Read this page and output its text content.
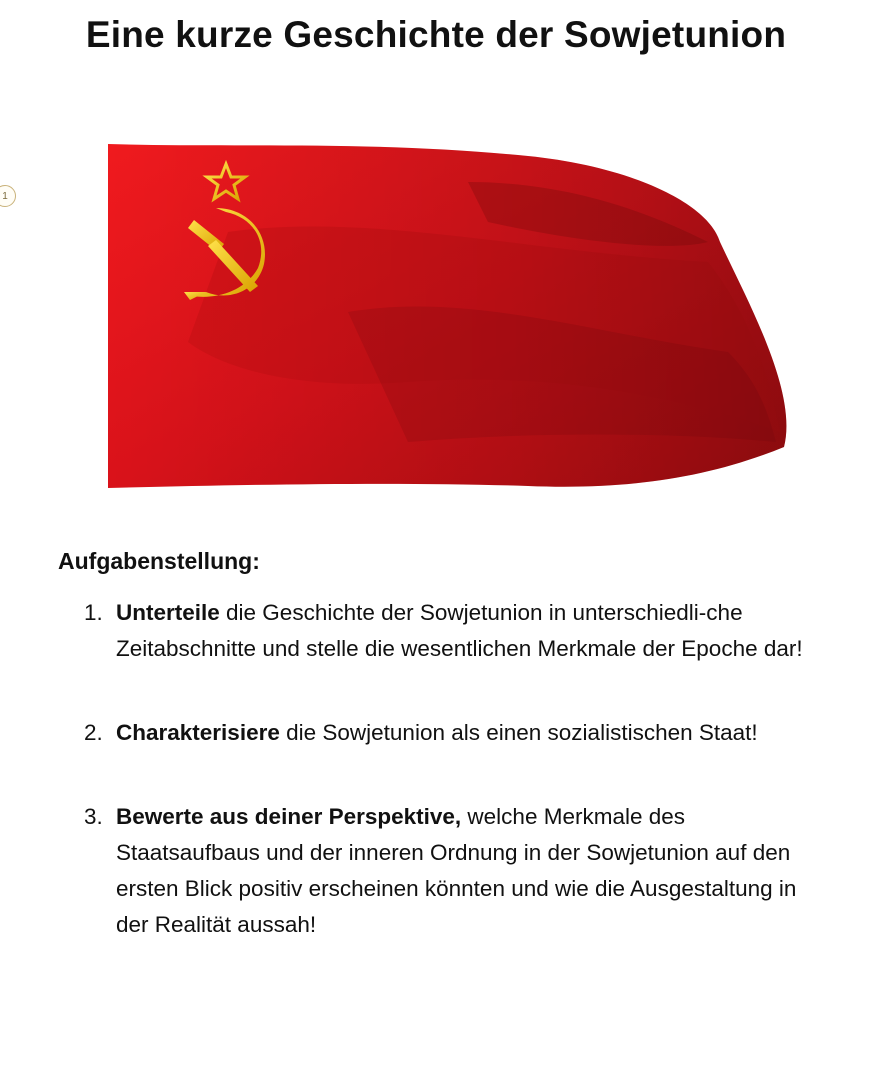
Eine kurze Geschichte der Sowjetunion
1
Aufgabenstellung:
1. Unterteile die Geschichte der Sowjetunion in unterschiedli-che Zeitabschnitte und stelle die wesentlichen Merkmale der Epoche dar!
2. Charakterisiere die Sowjetunion als einen sozialistischen Staat!
3. Bewerte aus deiner Perspektive, welche Merkmale des Staatsaufbaus und der inneren Ordnung in der Sowjetunion auf den ersten Blick positiv erscheinen könnten und wie die Ausgestaltung in der Realität aussah!
